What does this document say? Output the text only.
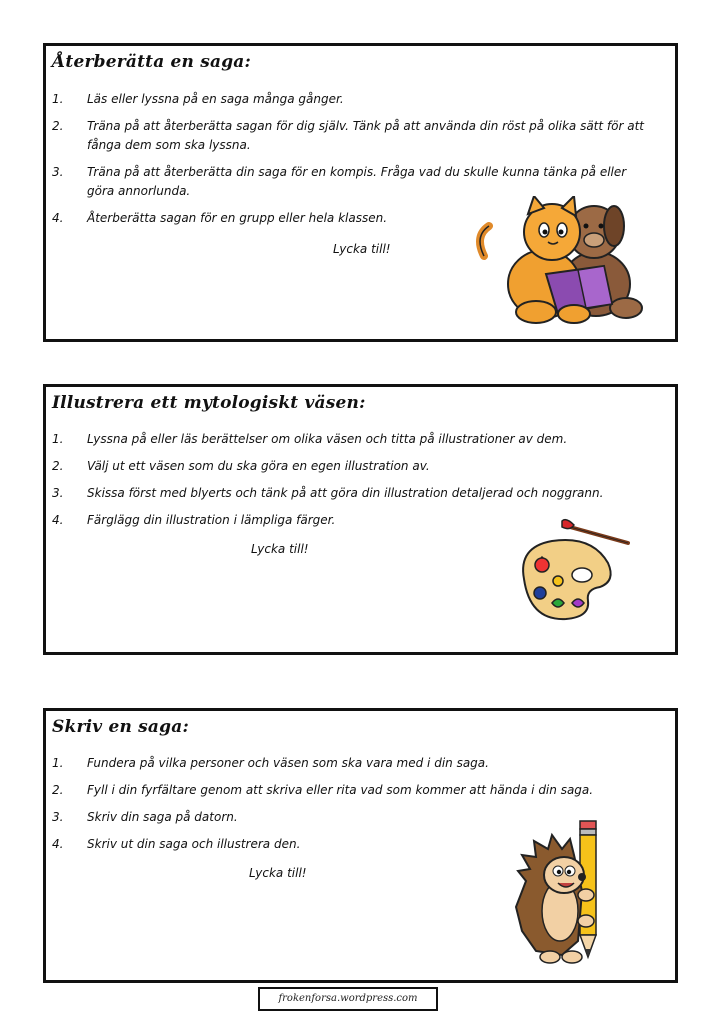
Återberätta en saga:
1. Läs eller lyssna på en saga många gånger.
2. Träna på att återberätta sagan för dig själv. Tänk på att använda din röst på olika sätt för att fånga dem som ska lyssna.
3. Träna på att återberätta din saga för en kompis. Fråga vad du skulle kunna tänka på eller göra annorlunda.
4. Återberätta sagan för en grupp eller hela klassen.
Lycka till!
Illustrera ett mytologiskt väsen:
1. Lyssna på eller läs berättelser om olika väsen och titta på illustrationer av dem.
2. Välj ut ett väsen som du ska göra en egen illustration av.
3. Skissa först med blyerts och tänk på att göra din illustration detaljerad och noggrann.
4. Färglägg din illustration i lämpliga färger.
Lycka till!
Skriv en saga:
1. Fundera på vilka personer och väsen som ska vara med i din saga.
2. Fyll i din fyrfältare genom att skriva eller rita vad som kommer att hända i din saga.
3. Skriv din saga på datorn.
4. Skriv ut din saga och illustrera den.
Lycka till!
frokenforsa.wordpress.com
